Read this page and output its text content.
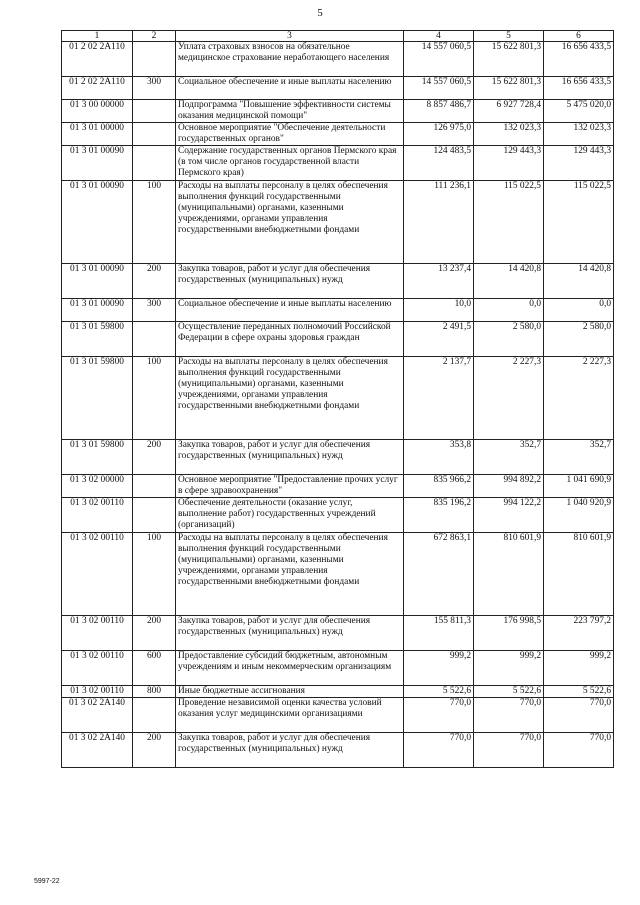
5
1	2	3	4	5	6
01 2 02 2А110		Уплата страховых взносов на обязательное медицинское страхование неработающего населения	14 557 060,5	15 622 801,3	16 656 433,5
01 2 02 2А110	300	Социальное обеспечение и иные выплаты населению	14 557 060,5	15 622 801,3	16 656 433,5
01 3 00 00000		Подпрограмма "Повышение эффективности системы оказания медицинской помощи"	8 857 486,7	6 927 728,4	5 475 020,0
01 3 01 00000		Основное мероприятие "Обеспечение деятельности государственных органов"	126 975,0	132 023,3	132 023,3
01 3 01 00090		Содержание государственных органов Пермского края (в том числе органов государственной власти Пермского края)	124 483,5	129 443,3	129 443,3
01 3 01 00090	100	Расходы на выплаты персоналу в целях обеспечения выполнения функций государственными (муниципальными) органами, казенными учреждениями, органами управления государственными внебюджетными фондами	111 236,1	115 022,5	115 022,5
01 3 01 00090	200	Закупка товаров, работ и услуг для обеспечения государственных (муниципальных) нужд	13 237,4	14 420,8	14 420,8
01 3 01 00090	300	Социальное обеспечение и иные выплаты населению	10,0	0,0	0,0
01 3 01 59800		Осуществление переданных полномочий Российской Федерации в сфере охраны здоровья граждан	2 491,5	2 580,0	2 580,0
01 3 01 59800	100	Расходы на выплаты персоналу в целях обеспечения выполнения функций государственными (муниципальными) органами, казенными учреждениями, органами управления государственными внебюджетными фондами	2 137,7	2 227,3	2 227,3
01 3 01 59800	200	Закупка товаров, работ и услуг для обеспечения государственных (муниципальных) нужд	353,8	352,7	352,7
01 3 02 00000		Основное мероприятие "Предоставление прочих услуг в сфере здравоохранения"	835 966,2	994 892,2	1 041 690,9
01 3 02 00110		Обеспечение деятельности (оказание услуг, выполнение работ) государственных учреждений (организаций)	835 196,2	994 122,2	1 040 920,9
01 3 02 00110	100	Расходы на выплаты персоналу в целях обеспечения выполнения функций государственными (муниципальными) органами, казенными учреждениями, органами управления государственными внебюджетными фондами	672 863,1	810 601,9	810 601,9
01 3 02 00110	200	Закупка товаров, работ и услуг для обеспечения государственных (муниципальных) нужд	155 811,3	176 998,5	223 797,2
01 3 02 00110	600	Предоставление субсидий бюджетным, автономным учреждениям и иным некоммерческим организациям	999,2	999,2	999,2
01 3 02 00110	800	Иные бюджетные ассигнования	5 522,6	5 522,6	5 522,6
01 3 02 2А140		Проведение независимой оценки качества условий оказания услуг медицинскими организациями	770,0	770,0	770,0
01 3 02 2А140	200	Закупка товаров, работ и услуг для обеспечения государственных (муниципальных) нужд	770,0	770,0	770,0
5997-22
